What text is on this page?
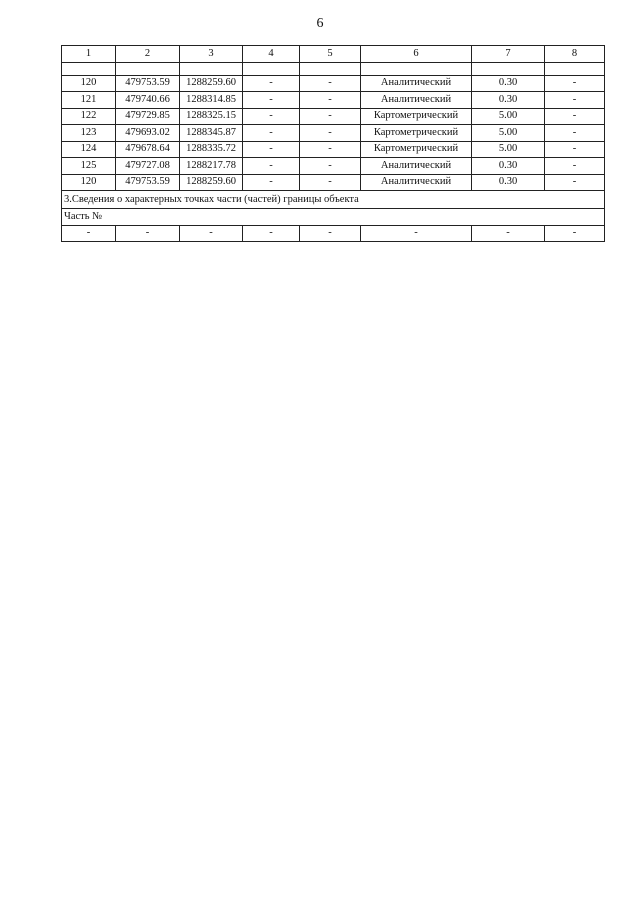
6
1	2	3	4	5	6	7	8

120	479753.59	1288259.60	-	-	Аналитический	0.30	-
121	479740.66	1288314.85	-	-	Аналитический	0.30	-
122	479729.85	1288325.15	-	-	Картометрический	5.00	-
123	479693.02	1288345.87	-	-	Картометрический	5.00	-
124	479678.64	1288335.72	-	-	Картометрический	5.00	-
125	479727.08	1288217.78	-	-	Аналитический	0.30	-
120	479753.59	1288259.60	-	-	Аналитический	0.30	-
3.Сведения о характерных точках части (частей) границы объекта							
Часть №							
-	-	-	-	-	-	-	-
